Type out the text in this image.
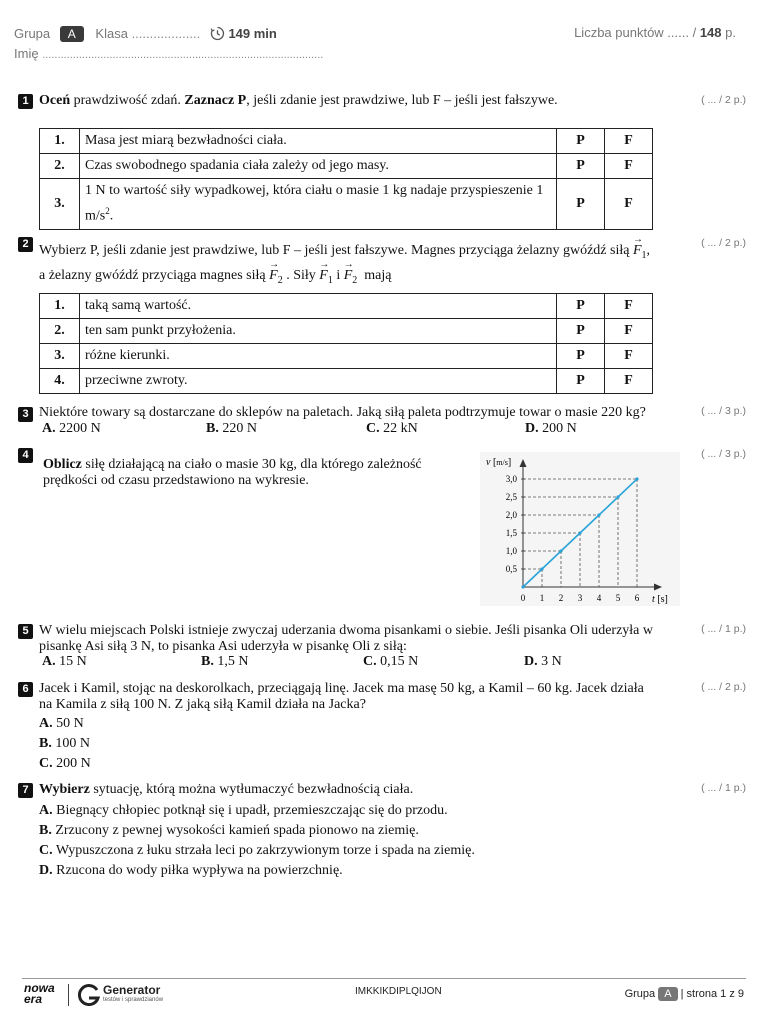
Grupa A Klasa ................... 149 min	Liczba punktów ...... / 148 p.
Imię ............................................................................................
1 Oceń prawdziwość zdań. Zaznacz P, jeśli zdanie jest prawdziwe, lub F – jeśli jest fałszywe.	( ... / 2 p.)
1.	Masa jest miarą bezwładności ciała.	P	F
2.	Czas swobodnego spadania ciała zależy od jego masy.	P	F
3.	1 N to wartość siły wypadkowej, która ciału o masie 1 kg nadaje przyspieszenie 1 $m/s^2$.	P	F
2 Wybierz P, jeśli zdanie jest prawdziwe, lub F – jeśli jest fałszywe. Magnes przyciąga żelazny gwóźdź siłą → $F_1$,
a żelazny gwóźdź przyciąga magnes siłą → $F_2$ . Siły → $F_1$ $i \to F_2$ mają
( ... / 2 p.)
1.	taką samą wartość.	P	F
2.	ten sam punkt przyłożenia.	P	F
3.	różne kierunki.	P	F
4.	przeciwne zwroty.	P	F
3 Niektóre towary są dostarczane do sklepów na paletach. Jaką siłą paleta podtrzymuje towar o masie 220 kg?	( ... / 3 p.)
A. 2200 N	B. 220 N	C. 22 kN	D. 200 N
4
Oblicz siłę działającą na ciało o masie 30 kg, dla którego zależność
prędkości od czasu przedstawiono na wykresie.
( ... / 3 p.)
0 1 2 3 4 5 6
0,5
1,0
1,5
2,0
2,5
3,0
v [m/s]
t [s]
5 W wielu miejscach Polski istnieje zwyczaj uderzania dwoma pisankami o siebie. Jeśli pisanka Oli uderzyła w
pisankę Asi siłą 3 N, to pisanka Asi uderzyła w pisankę Oli z siłą:
( ... / 1 p.)
A. 15 N	B. 1,5 N	C. 0,15 N	D. 3 N
6 Jacek i Kamil, stojąc na deskorolkach, przeciągają linę. Jacek ma masę 50 kg, a Kamil – 60 kg. Jacek działa
na Kamila z siłą 100 N. Z jaką siłą Kamil działa na Jacka?
( ... / 2 p.)
A. 50 N
B. 100 N
C. 200 N
7 Wybierz sytuację, którą można wytłumaczyć bezwładnością ciała.	( ... / 1 p.)
A. Biegnący chłopiec potknął się i upadł, przemieszczając się do przodu.
B. Zrzucony z pewnej wysokości kamień spada pionowo na ziemię.
C. Wypuszczona z łuku strzała leci po zakrzywionym torze i spada na ziemię.
D. Rzucona do wody piłka wypływa na powierzchnię.
nowa era
Generator
testów i sprawdzianów
IMKKIKDIPLQIJON	Grupa A | strona 1 z 9
